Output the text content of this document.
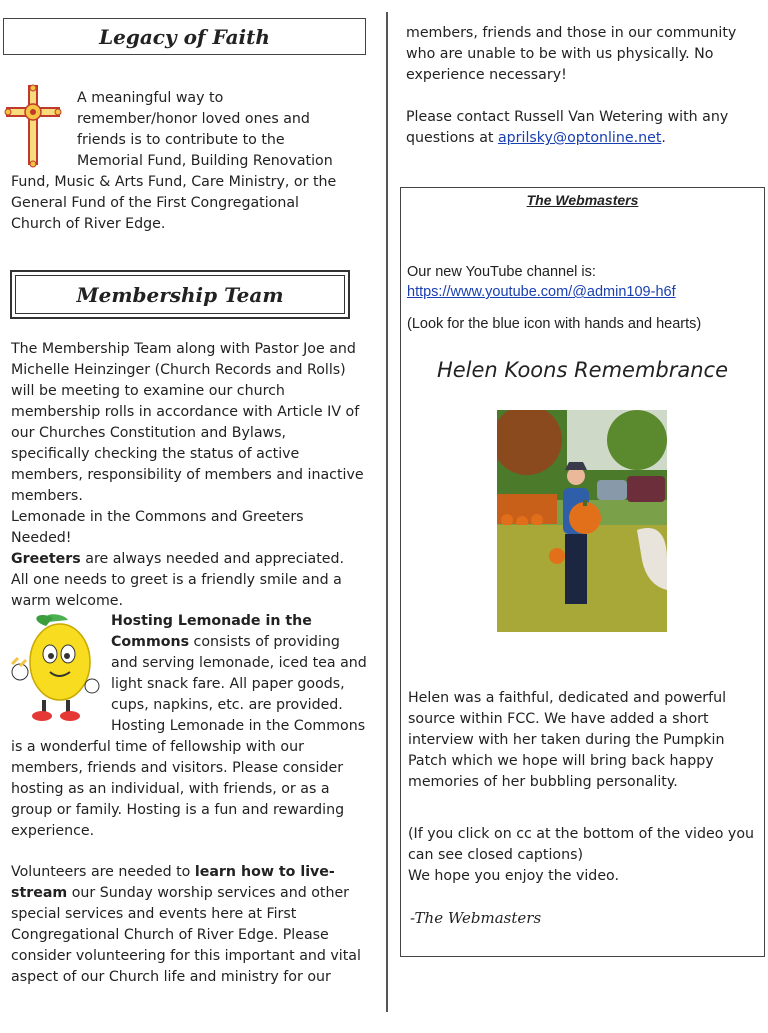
Legacy of Faith
A meaningful way to
remember/honor loved ones and
friends is to contribute to the
Memorial Fund, Building Renovation
Fund, Music & Arts Fund, Care Ministry, or the
General Fund of the First Congregational
Church of River Edge.
Membership Team
The Membership Team along with Pastor Joe and Michelle Heinzinger (Church Records and Rolls) will be meeting to examine our church membership rolls in accordance with Article IV of our Churches Constitution and Bylaws, specifically checking the status of active members, responsibility of members and inactive members.
Lemonade in the Commons and Greeters Needed!
Greeters are always needed and appreciated. All one needs to greet is a friendly smile and a warm welcome.
Hosting Lemonade in the
Commons consists of providing
and serving lemonade, iced tea and
light snack fare. All paper goods,
cups, napkins, etc. are provided.
Hosting Lemonade in the Commons
is a wonderful time of fellowship with our members, friends and visitors. Please consider hosting as an individual, with friends, or as a group or family. Hosting is a fun and rewarding experience.
Volunteers are needed to learn how to live-stream our Sunday worship services and other special services and events here at First Congregational Church of River Edge. Please consider volunteering for this important and vital aspect of our Church life and ministry for our
members, friends and those in our community who are unable to be with us physically. No experience necessary!
Please contact Russell Van Wetering with any questions at aprilsky@optonline.net.
The Webmasters
Our new YouTube channel is:
https://www.youtube.com/@admin109-h6f
(Look for the blue icon with hands and hearts)
Helen Koons Remembrance
Helen was a faithful, dedicated and powerful source within FCC. We have added a short interview with her taken during the Pumpkin Patch which we hope will bring back happy memories of her bubbling personality.
(If you click on cc at the bottom of the video you can see closed captions)
We hope you enjoy the video.
-The Webmasters
